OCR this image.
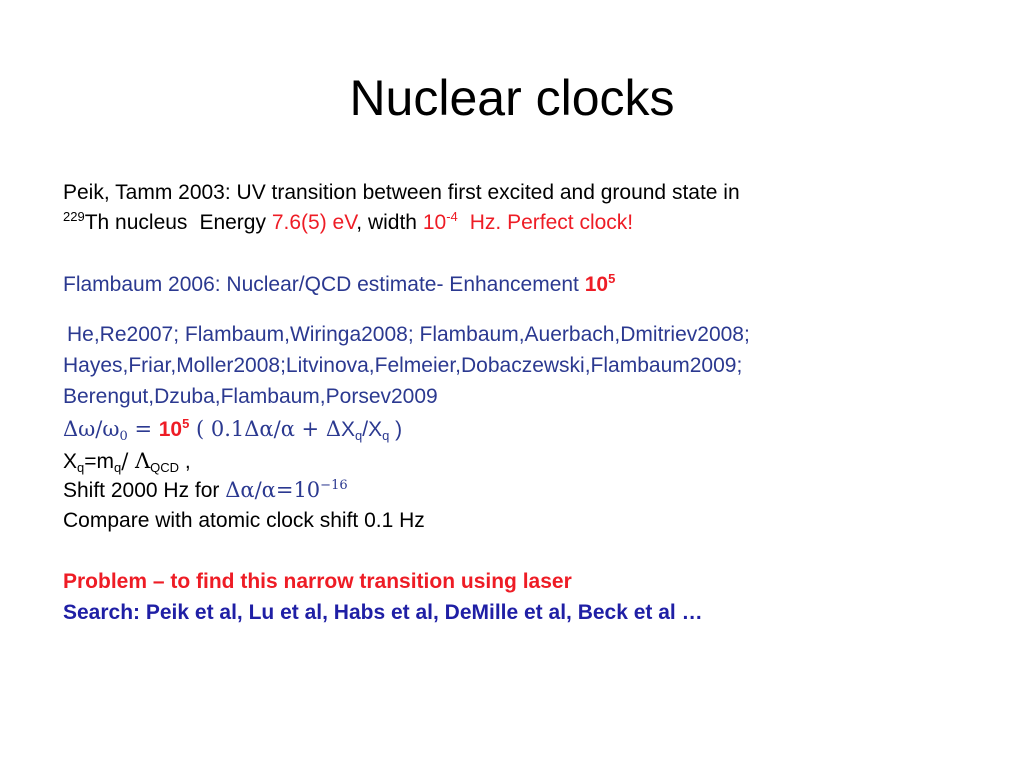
Nuclear clocks
Peik, Tamm 2003: UV transition between first excited and ground state in
$^{229}$Th nucleus Energy 7.6(5) eV, width $10^{-4}$ Hz. Perfect clock!
Flambaum 2006: Nuclear/QCD estimate- Enhancement $10^5$
He,Re2007; Flambaum,Wiringa2008; Flambaum,Auerbach,Dmitriev2008;
Hayes,Friar,Moller2008;Litvinova,Felmeier,Dobaczewski,Flambaum2009;
Berengut,Dzuba,Flambaum,Porsev2009
$\Delta\omega/\omega_0 = 10^5$ ( $0.1\Delta\alpha/\alpha + \Delta X_q/X_q$ )
$X_q=m_q/$ $\Lambda_{QCD}$ ,
Shift 2000 Hz for $\Delta\alpha/\alpha=10^{-16}$
Compare with atomic clock shift 0.1 Hz
Problem – to find this narrow transition using laser
Search: Peik et al, Lu et al, Habs et al, DeMille et al, Beck et al …
